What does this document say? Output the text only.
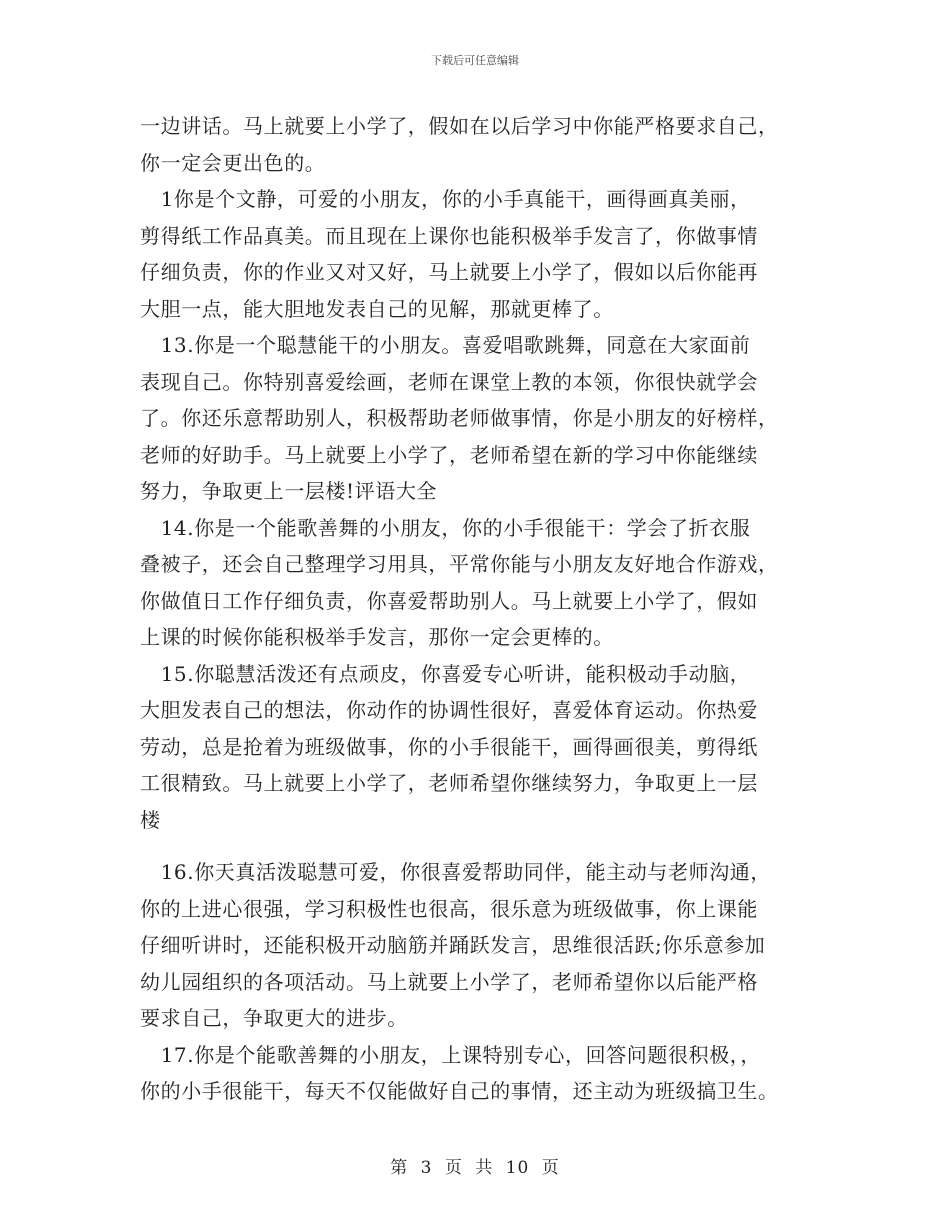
下载后可任意编辑
一边讲话。马上就要上小学了，假如在以后学习中你能严格要求自己，
你一定会更出色的。
　1你是个文静，可爱的小朋友，你的小手真能干，画得画真美丽，
剪得纸工作品真美。而且现在上课你也能积极举手发言了，你做事情
仔细负责，你的作业又对又好，马上就要上小学了，假如以后你能再
大胆一点，能大胆地发表自己的见解，那就更棒了。
　13.你是一个聪慧能干的小朋友。喜爱唱歌跳舞，同意在大家面前
表现自己。你特别喜爱绘画，老师在课堂上教的本领，你很快就学会
了。你还乐意帮助别人，积极帮助老师做事情，你是小朋友的好榜样，
老师的好助手。马上就要上小学了，老师希望在新的学习中你能继续
努力，争取更上一层楼!评语大全
　14.你是一个能歌善舞的小朋友，你的小手很能干：学会了折衣服
叠被子，还会自己整理学习用具，平常你能与小朋友友好地合作游戏，
你做值日工作仔细负责，你喜爱帮助别人。马上就要上小学了，假如
上课的时候你能积极举手发言，那你一定会更棒的。
　15.你聪慧活泼还有点顽皮，你喜爱专心听讲，能积极动手动脑，
大胆发表自己的想法，你动作的协调性很好，喜爱体育运动。你热爱
劳动，总是抢着为班级做事，你的小手很能干，画得画很美，剪得纸
工很精致。马上就要上小学了，老师希望你继续努力，争取更上一层
楼
　16.你天真活泼聪慧可爱，你很喜爱帮助同伴，能主动与老师沟通，
你的上进心很强，学习积极性也很高，很乐意为班级做事，你上课能
仔细听讲时，还能积极开动脑筋并踊跃发言，思维很活跃;你乐意参加
幼儿园组织的各项活动。马上就要上小学了，老师希望你以后能严格
要求自己，争取更大的进步。
　17.你是个能歌善舞的小朋友，上课特别专心，回答问题很积极，，
你的小手很能干，每天不仅能做好自己的事情，还主动为班级搞卫生。
第 3 页 共 10 页
